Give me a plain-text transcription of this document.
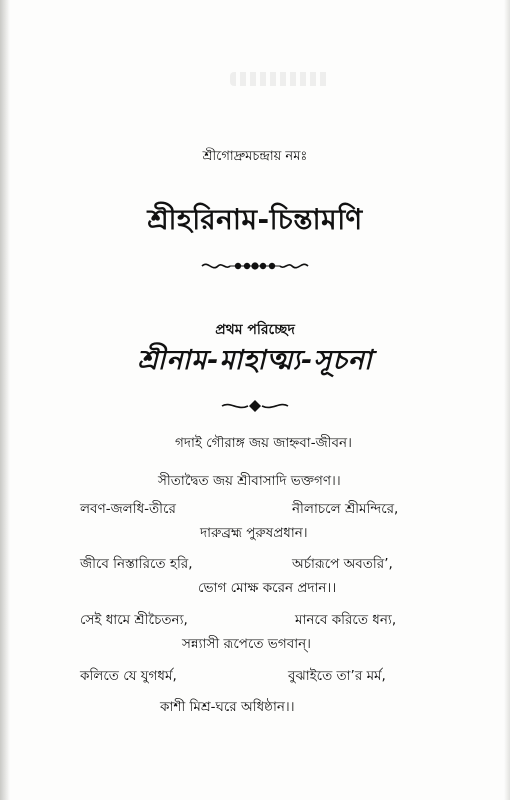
শ্রীগোদ্রুমচন্দ্রায় নমঃ
শ্রীহরিনাম-চিন্তামণি
প্রথম পরিচ্ছেদ
শ্রীনাম-মাহাত্ম্য-সূচনা
গদাই গৌরাঙ্গ জয় জাহ্নবা-জীবন।
সীতাদ্বৈত জয় শ্রীবাসাদি ভক্তগণ।।
লবণ-জলধি-তীরে	নীলাচলে শ্রীমন্দিরে,
দারুব্রহ্ম পুরুষপ্রধান।
জীবে নিস্তারিতে হরি,	অর্চারূপে অবতরি’,
ভোগ মোক্ষ করেন প্রদান।।
সেই ধামে শ্রীচৈতন্য,	মানবে করিতে ধন্য,
সন্ন্যাসী রূপেতে ভগবান্।
কলিতে যে যুগধর্ম,	বুঝাইতে তা’র মর্ম,
কাশী মিশ্র-ঘরে অধিষ্ঠান।।
